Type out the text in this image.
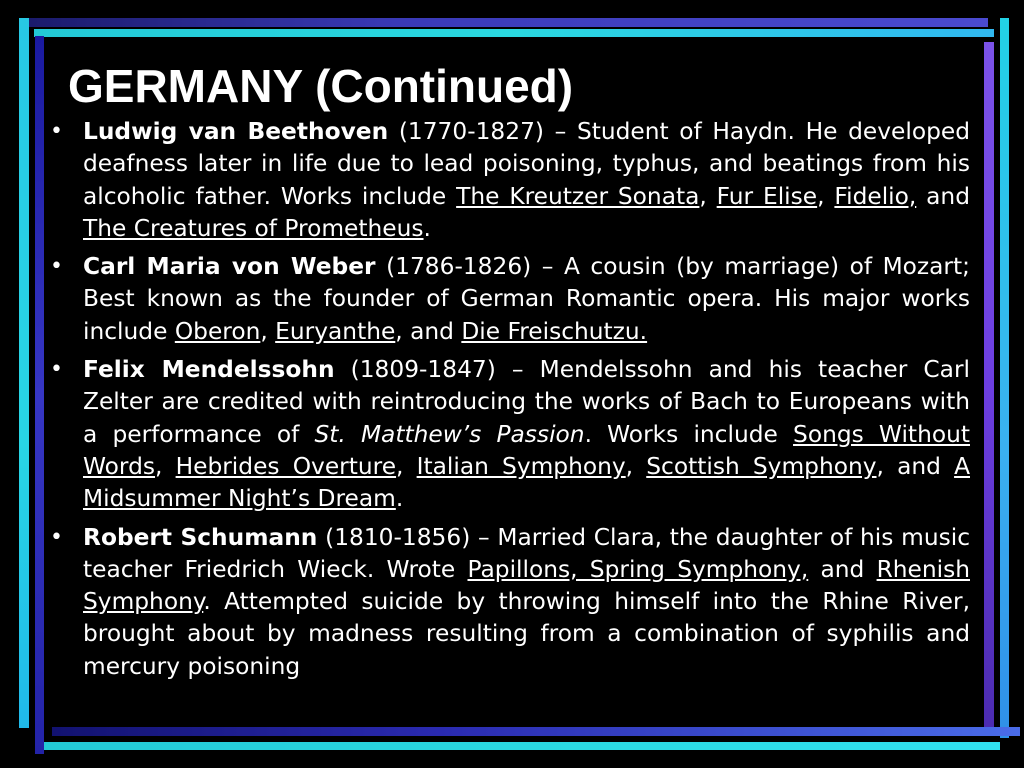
GERMANY (Continued)
• Ludwig van Beethoven (1770-1827) – Student of Haydn. He developed deafness later in life due to lead poisoning, typhus, and beatings from his alcoholic father. Works include The Kreutzer Sonata, Fur Elise, Fidelio, and The Creatures of Prometheus.
• Carl Maria von Weber (1786-1826) – A cousin (by marriage) of Mozart; Best known as the founder of German Romantic opera. His major works include Oberon, Euryanthe, and Die Freischutzu.
• Felix Mendelssohn (1809-1847) – Mendelssohn and his teacher Carl Zelter are credited with reintroducing the works of Bach to Europeans with a performance of St. Matthew’s Passion. Works include Songs Without Words, Hebrides Overture, Italian Symphony, Scottish Symphony, and A Midsummer Night’s Dream.
• Robert Schumann (1810-1856) – Married Clara, the daughter of his music teacher Friedrich Wieck. Wrote Papillons, Spring Symphony, and Rhenish Symphony. Attempted suicide by throwing himself into the Rhine River, brought about by madness resulting from a combination of syphilis and mercury poisoning
